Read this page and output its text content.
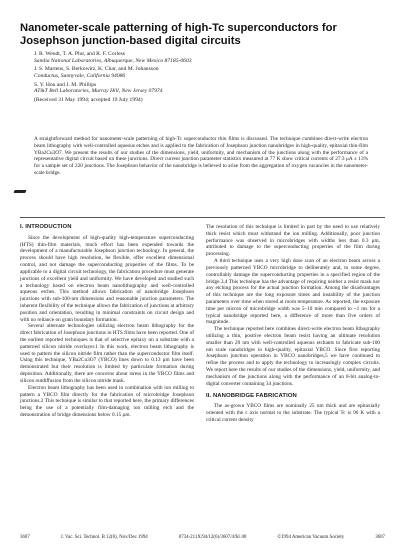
Nanometer-scale patterning of high-Tc superconductors for Josephson junction-based digital circuits
J. R. Wendt, T. A. Plut, and R. F. Corless
Sandia National Laboratories, Albuquerque, New Mexico 87185-0603
J. S. Martens, S. Berkowitz, K. Char, and M. Johansson
Conductus, Sunnyvale, California 94086
S. Y. Hou and J. M. Phillips
AT&T Bell Laboratories, Murray Hill, New Jersey 07974
(Received 31 May 1994; accepted 19 July 1994)
A straightforward method for nanometer-scale patterning of high-Tc superconductor thin films is discussed. The technique combines direct-write electron beam lithography with well-controlled aqueous etches and is applied to the fabrication of Josephson junction nanobridges in high-quality, epitaxial thin-film YBa2Cu3O7. We present the results of our studies of the dimensions, yield, uniformity, and mechanism of the junctions along with the performance of a representative digital circuit based on these junctions. Direct current junction parameter statistics measured at 77 K show critical currents of 27.3 μA ± 13% for a sample set of 220 junctions. The Josephson behavior of the nanobridge is believed to arise from the aggregation of oxygen vacancies in the nanometer-scale bridge.
I. INTRODUCTION

Since the development of high-quality high-temperature superconducting (HTS) thin-film materials, much effort has been expended towards the development of a manufacturable Josephson junction technology. In general, the process should have high resolution, be flexible, offer excellent dimensional control, and not damage the superconducting properties of the films. To be applicable to a digital circuit technology, the fabrication procedure must generate junctions of excellent yield and uniformity. We have developed and studied such a technology based on electron beam nanolithography and well-controlled aqueous etches. This method allows fabrication of nanobridge Josephson junctions with sub-100-nm dimensions and reasonable junction parameters. The inherent flexibility of the technique allows the fabrication of junctions at arbitrary position and orientation, resulting in minimal constraints on circuit design and with no reliance on grain boundary formation.

Several alternate technologies utilizing electron beam lithography for the direct fabrication of Josephson junctions in HTS films have been reported. One of the earliest reported techniques is that of selective epitaxy on a substrate with a patterned silicon nitride overlayer.1 In this work, electron beam lithography is used to pattern the silicon nitride film rather than the superconductor film itself. Using this technique, YBa2Cu3O7 (YBCO) lines down to 0.13 μm have been demonstrated but their resolution is limited by particulate formation during deposition. Additionally, there are concerns about stress in the YBCO films and silicon outdiffusion from the silicon nitride mask.

Electron beam lithography has been used in combination with ion milling to pattern a YBCO film directly for the fabrication of microbridge Josephson junctions.2 This technique is similar to that reported here, the primary differences being the use of a potentially film-damaging ion milling etch and the demonstration of bridge dimensions below 0.15 μm.

The resolution of this technique is limited in part by the need to use relatively thick resist which must withstand the ion milling. Additionally, poor junction performance was observed in microbridges with widths less than 0.3 μm, attributed to damage to the superconducting properties of the film during processing.

A third technique uses a very high dose scan of an electron beam across a previously patterned YBCO microbridge to deliberately and, to some degree, controllably damage the superconducting properties in a specified region of the bridge.3,4 This technique has the advantage of requiring neither a resist mask nor any etching process for the actual junction formation. Among the disadvantages of this technique are the long exposure times and instability of the junction parameters over time when stored at room temperature. As reported, the exposure time per micron of microbridge width was 5–10 min compared to ~1 ms for a typical nanobridge reported here, a difference of more than five orders of magnitude.

The technique reported here combines direct-write electron beam lithography utilizing a thin, positive electron beam resist having an ultimate resolution smaller than 20 nm with well-controlled aqueous etchants to fabricate sub-100 nm scale nanobridges in high-quality, epitaxial YBCO. Since first reporting Josephson junction operation in YBCO nanobridges,5 we have continued to refine the process and to apply the technology to increasingly complex circuits. We report here the results of our studies of the dimensions, yield, uniformity, and mechanism of the junctions along with the performance of an 8-bit analog-to-digital converter containing 34 junctions.

II. NANOBRIDGE FABRICATION

The as-grown YBCO films are nominally 25 nm thick and are epitaxially oriented with the c axis normal to the substrate. The typical Tc is 90 K with a critical current density

3607	J. Vac. Sci. Technol. B 12(6), Nov/Dec 1994	0734-211X/94/12(6)/3607/4/$1.00	©1994 American Vacuum Society	3607
